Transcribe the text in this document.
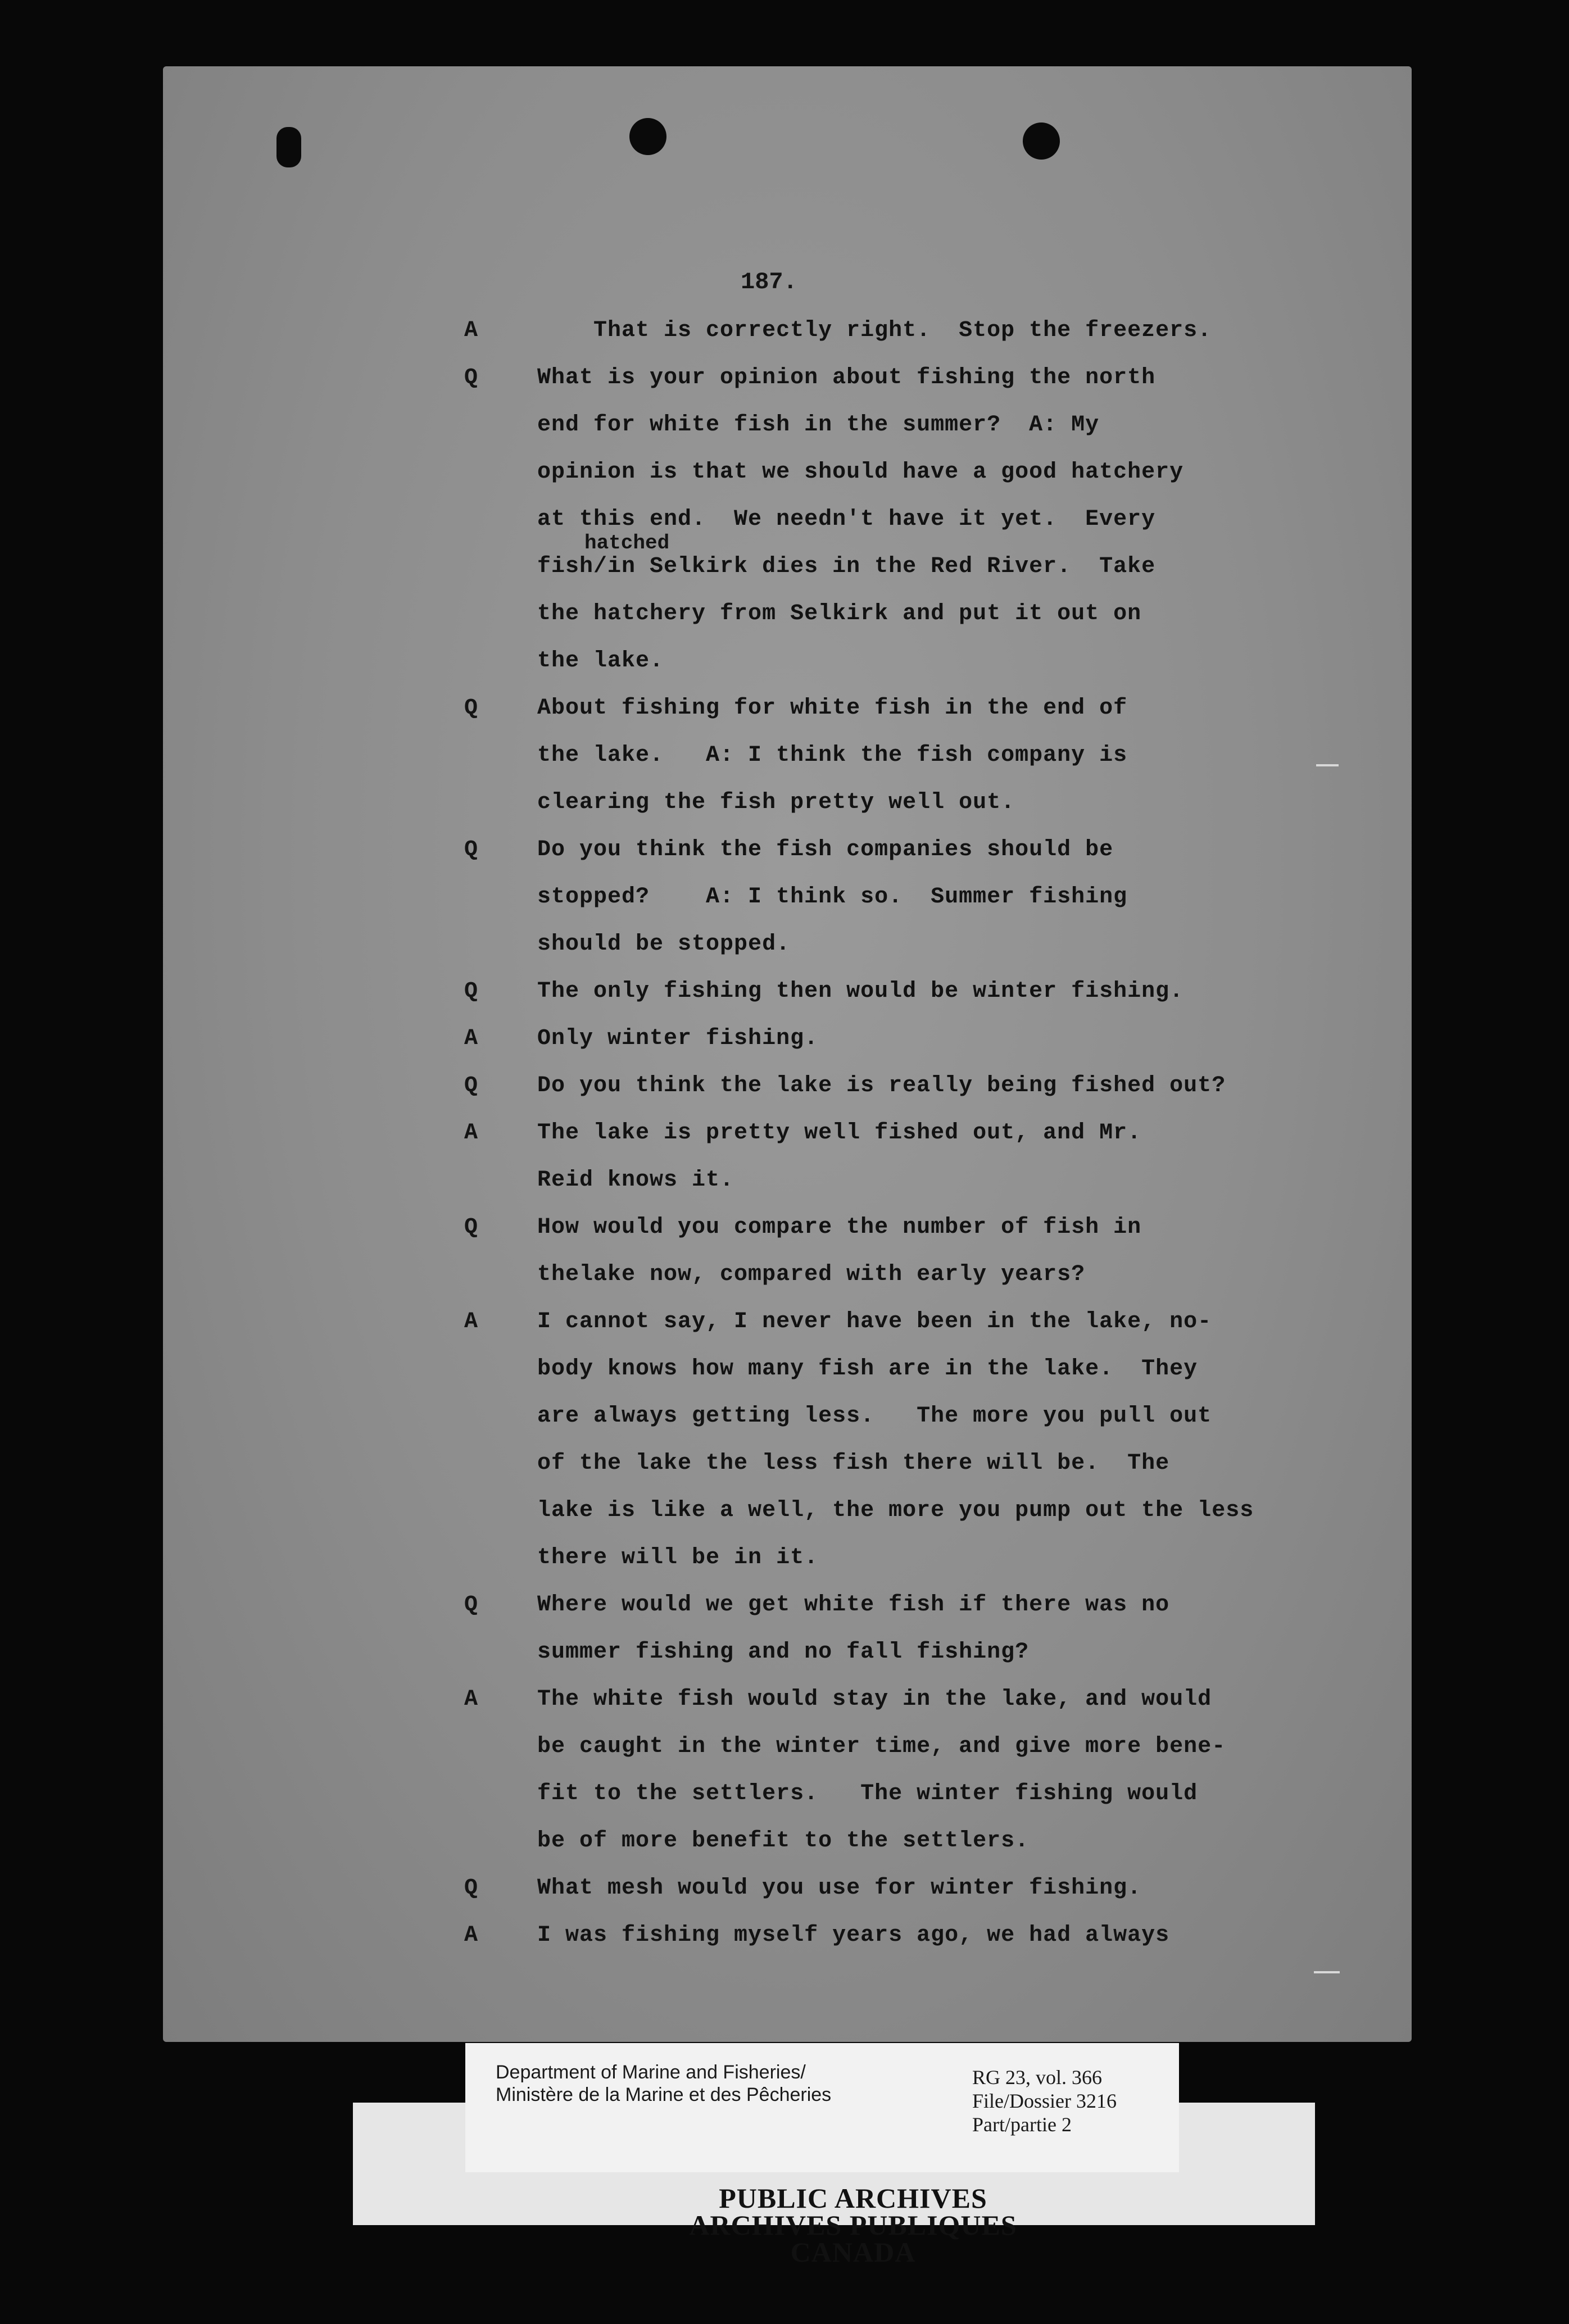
187.
A	That is correctly right.  Stop the freezers.
Q	What is your opinion about fishing the north
end for white fish in the summer?  A: My
opinion is that we should have a good hatchery
at this end.  We needn't have it yet.  Every
fish/in Selkirk dies in the Red River.  Take
hatched
the hatchery from Selkirk and put it out on
the lake.
Q	About fishing for white fish in the end of
the lake.   A: I think the fish company is
clearing the fish pretty well out.
Q	Do you think the fish companies should be
stopped?    A: I think so.  Summer fishing
should be stopped.
Q	The only fishing then would be winter fishing.
A	Only winter fishing.
Q	Do you think the lake is really being fished out?
A	The lake is pretty well fished out, and Mr.
Reid knows it.
Q	How would you compare the number of fish in
thelake now, compared with early years?
A	I cannot say, I never have been in the lake, no-
body knows how many fish are in the lake.  They
are always getting less.   The more you pull out
of the lake the less fish there will be.  The
lake is like a well, the more you pump out the less
there will be in it.
Q	Where would we get white fish if there was no
summer fishing and no fall fishing?
A	The white fish would stay in the lake, and would
be caught in the winter time, and give more bene-
fit to the settlers.   The winter fishing would
be of more benefit to the settlers.
Q	What mesh would you use for winter fishing.
A	I was fishing myself years ago, we had always
Department of Marine and Fisheries/
Ministère de la Marine et des Pêcheries
RG 23, vol. 366
File/Dossier 3216
Part/partie 2
PUBLIC ARCHIVES
ARCHIVES PUBLIQUES
CANADA
